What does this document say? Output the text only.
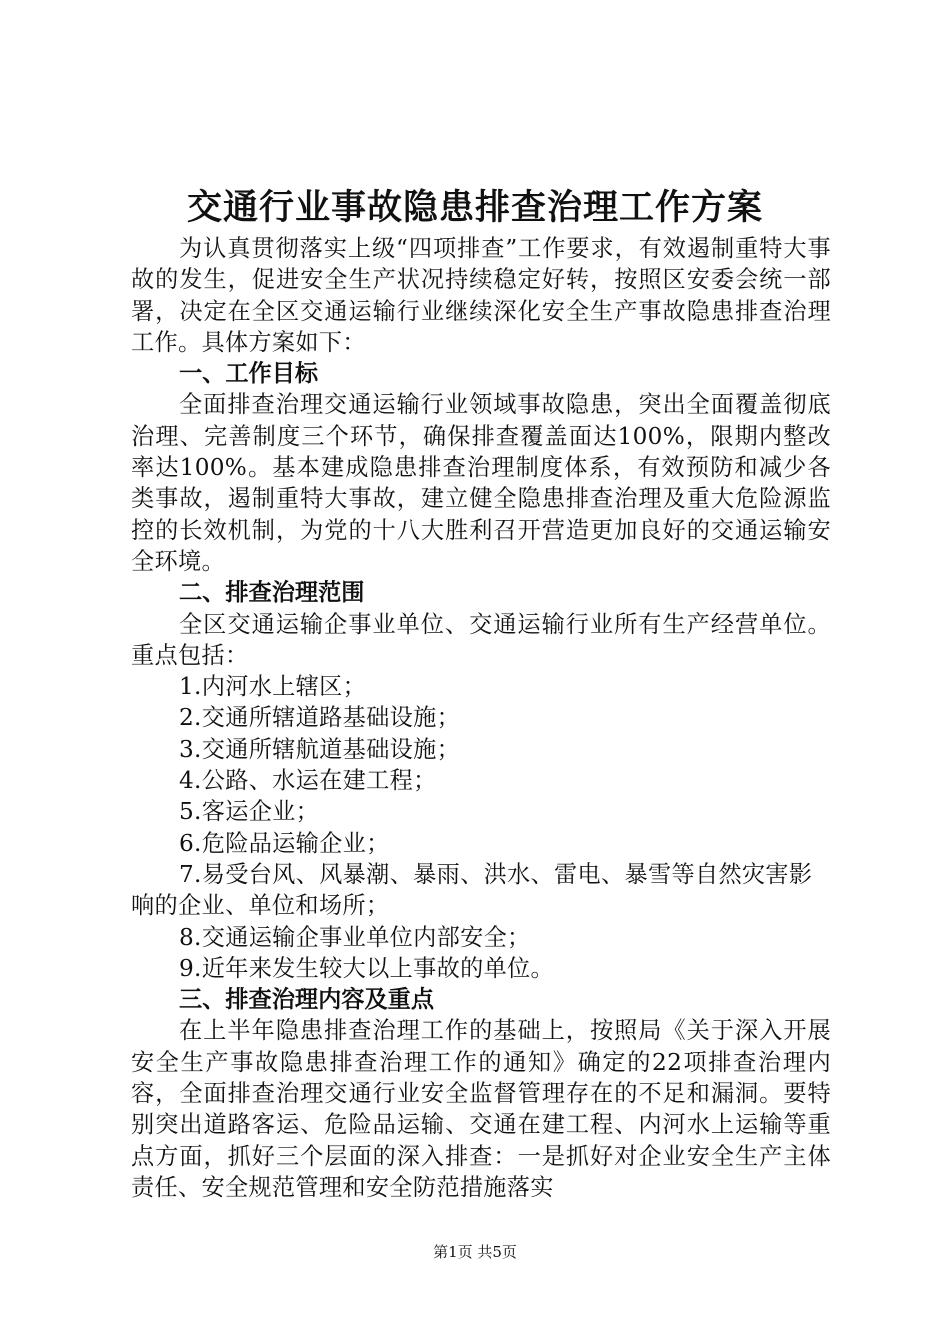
交通行业事故隐患排查治理工作方案

为认真贯彻落实上级“四项排查”工作要求，有效遏制重特大事故的发生，促进安全生产状况持续稳定好转，按照区安委会统一部署，决定在全区交通运输行业继续深化安全生产事故隐患排查治理工作。具体方案如下：

一、工作目标

全面排查治理交通运输行业领域事故隐患，突出全面覆盖彻底治理、完善制度三个环节，确保排查覆盖面达100%，限期内整改率达100%。基本建成隐患排查治理制度体系，有效预防和减少各类事故，遏制重特大事故，建立健全隐患排查治理及重大危险源监控的长效机制，为党的十八大胜利召开营造更加良好的交通运输安全环境。

二、排查治理范围

全区交通运输企事业单位、交通运输行业所有生产经营单位。重点包括：

1.内河水上辖区；

2.交通所辖道路基础设施；

3.交通所辖航道基础设施；

4.公路、水运在建工程；

5.客运企业；

6.危险品运输企业；

7.易受台风、风暴潮、暴雨、洪水、雷电、暴雪等自然灾害影响的企业、单位和场所；

8.交通运输企事业单位内部安全；

9.近年来发生较大以上事故的单位。

三、排查治理内容及重点

在上半年隐患排查治理工作的基础上，按照局《关于深入开展安全生产事故隐患排查治理工作的通知》确定的22项排查治理内容，全面排查治理交通行业安全监督管理存在的不足和漏洞。要特别突出道路客运、危险品运输、交通在建工程、内河水上运输等重点方面，抓好三个层面的深入排查：一是抓好对企业安全生产主体责任、安全规范管理和安全防范措施落实

第1页 共5页
